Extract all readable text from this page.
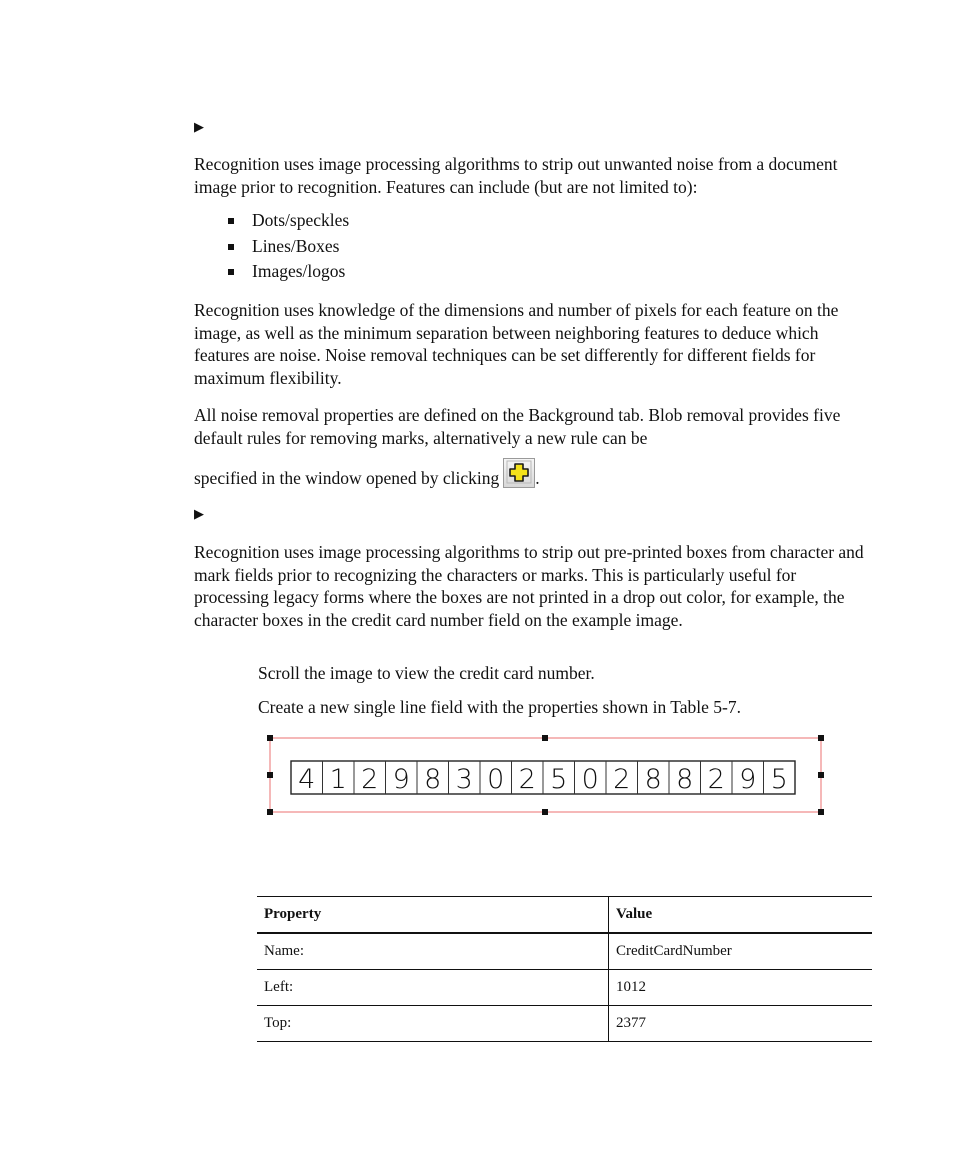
▶
Recognition uses image processing algorithms to strip out unwanted noise from a document image prior to recognition. Features can include (but are not limited to):
Dots/speckles
Lines/Boxes
Images/logos
Recognition uses knowledge of the dimensions and number of pixels for each feature on the image, as well as the minimum separation between neighboring features to deduce which features are noise. Noise removal techniques can be set differently for different fields for maximum flexibility.
All noise removal properties are defined on the Background tab. Blob removal provides five default rules for removing marks, alternatively a new rule can be
specified in the window opened by clicking .
▶
Recognition uses image processing algorithms to strip out pre-printed boxes from character and mark fields prior to recognizing the characters or marks. This is particularly useful for processing legacy forms where the boxes are not printed in a drop out color, for example, the character boxes in the credit card number field on the example image.
Scroll the image to view the credit card number.
Create a new single line field with the properties shown in Table 5-7.
4 1 2 9 8 3 0 2 5 0 2 8 8 2 9 5
Property	Value
Name:	CreditCardNumber
Left:	1012
Top:	2377
